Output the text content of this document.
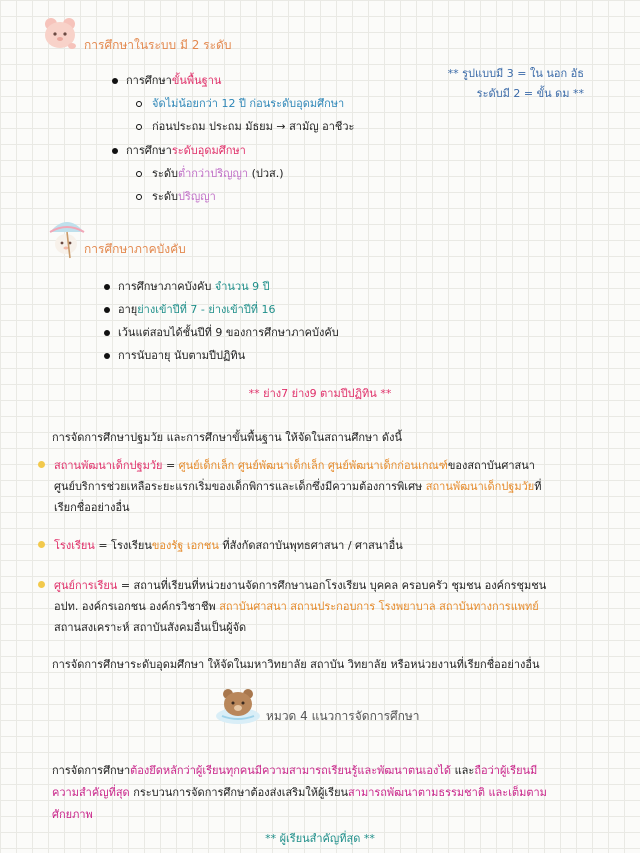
การศึกษาในระบบ มี 2 ระดับ
** รูปแบบมี 3 = ใน นอก อัธ
ระดับมี 2 = ขั้น ดม **
การศึกษาขั้นพื้นฐาน
จัดไม่น้อยกว่า 12 ปี ก่อนระดับอุดมศึกษา
ก่อนประถม ประถม มัธยม → สามัญ อาชีวะ
การศึกษาระดับอุดมศึกษา
ระดับต่ำกว่าปริญญา (ปวส.)
ระดับปริญญา
การศึกษาภาคบังคับ
การศึกษาภาคบังคับ จำนวน 9 ปี
อายุย่างเข้าปีที่ 7 - ย่างเข้าปีที่ 16
เว้นแต่สอบได้ชั้นปีที่ 9 ของการศึกษาภาคบังคับ
การนับอายุ นับตามปีปฏิทิน
** ย่าง7 ย่าง9 ตามปีปฏิทิน **
การจัดการศึกษาปฐมวัย และการศึกษาขั้นพื้นฐาน ให้จัดในสถานศึกษา ดังนี้
สถานพัฒนาเด็กปฐมวัย = ศูนย์เด็กเล็ก ศูนย์พัฒนาเด็กเล็ก ศูนย์พัฒนาเด็กก่อนเกณฑ์ของสถาบันศาสนา
ศูนย์บริการช่วยเหลือระยะแรกเริ่มของเด็กพิการและเด็กซึ่งมีความต้องการพิเศษ สถานพัฒนาเด็กปฐมวัยที่
เรียกชื่ออย่างอื่น
โรงเรียน = โรงเรียนของรัฐ เอกชน ที่สังกัดสถาบันพุทธศาสนา / ศาสนาอื่น
ศูนย์การเรียน = สถานที่เรียนที่หน่วยงานจัดการศึกษานอกโรงเรียน บุคคล ครอบครัว ชุมชน องค์กรชุมชน
อปท. องค์กรเอกชน องค์กรวิชาชีพ สถาบันศาสนา สถานประกอบการ โรงพยาบาล สถาบันทางการแพทย์
สถานสงเคราะห์ สถาบันสังคมอื่นเป็นผู้จัด
การจัดการศึกษาระดับอุดมศึกษา ให้จัดในมหาวิทยาลัย สถาบัน วิทยาลัย หรือหน่วยงานที่เรียกชื่ออย่างอื่น
หมวด 4 แนวการจัดการศึกษา
การจัดการศึกษาต้องยึดหลักว่าผู้เรียนทุกคนมีความสามารถเรียนรู้และพัฒนาตนเองได้ และถือว่าผู้เรียนมี
ความสำคัญที่สุด กระบวนการจัดการศึกษาต้องส่งเสริมให้ผู้เรียนสามารถพัฒนาตามธรรมชาติ และเต็มตาม
ศักยภาพ
** ผู้เรียนสำคัญที่สุด **
